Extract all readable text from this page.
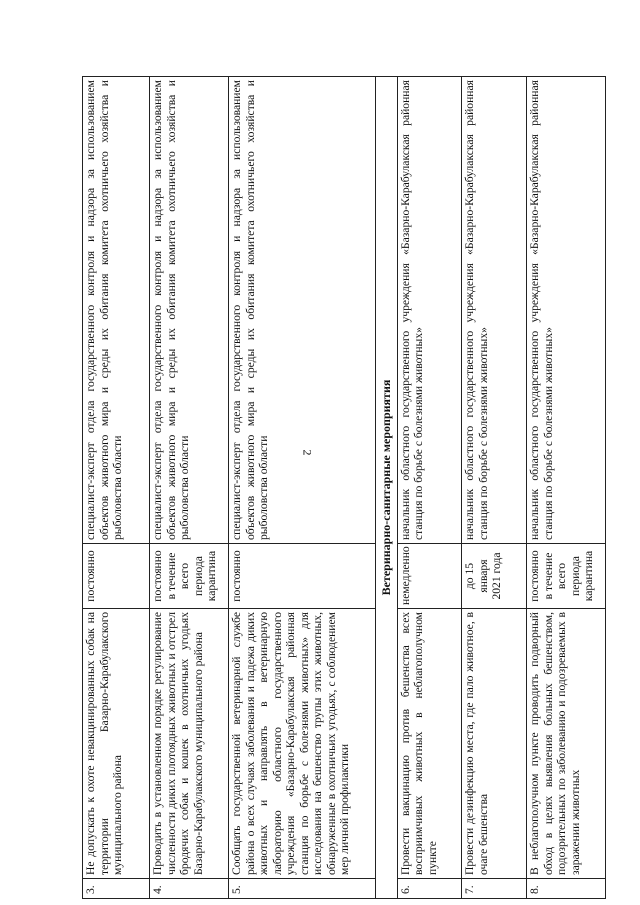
2
3.	Не допускать к охоте невакцинированных собак на территории Базарно-Карабулакского муниципального района	постоянно	специалист-эксперт отдела государственного контроля и надзора за использованием объектов животного мира и среды их обитания комитета охотничьего хозяйства и рыболовства области
4.	Проводить в установленном порядке регулирование численности диких плотоядных животных и отстрел бродячих собак и кошек в охотничьих угодьях Базарно-Карабулакского муниципального района	постоянно в течение всего периода карантина	специалист-эксперт отдела государственного контроля и надзора за использованием объектов животного мира и среды их обитания комитета охотничьего хозяйства и рыболовства области
5.	Сообщать государственной ветеринарной службе района о всех случаях заболевания и падежа диких животных и направлять в ветеринарную лабораторию областного государственного учреждения «Базарно-Карабулакская районная станция по борьбе с болезнями животных» для исследования на бешенство трупы этих животных, обнаруженные в охотничьих угодьях, с соблюдением мер личной профилактики	постоянно	специалист-эксперт отдела государственного контроля и надзора за использованием объектов животного мира и среды их обитания комитета охотничьего хозяйства и рыболовства области
Ветеринарно-санитарные мероприятия			
6.	Провести вакцинацию против бешенства всех восприимчивых животных в неблагополучном пункте	немедленно	начальник областного государственного учреждения «Базарно-Карабулакская районная станция по борьбе с болезнями животных»
7.	Провести дезинфекцию места, где пало животное, в очаге бешенства	до 15 января 2021 года	начальник областного государственного учреждения «Базарно-Карабулакская районная станция по борьбе с болезнями животных»
8.	В неблагополучном пункте проводить подворный обход в целях выявления больных бешенством, подозрительных по заболеванию и подозреваемых в заражении животных	постоянно в течение всего периода карантина	начальник областного государственного учреждения «Базарно-Карабулакская районная станция по борьбе с болезнями животных»
